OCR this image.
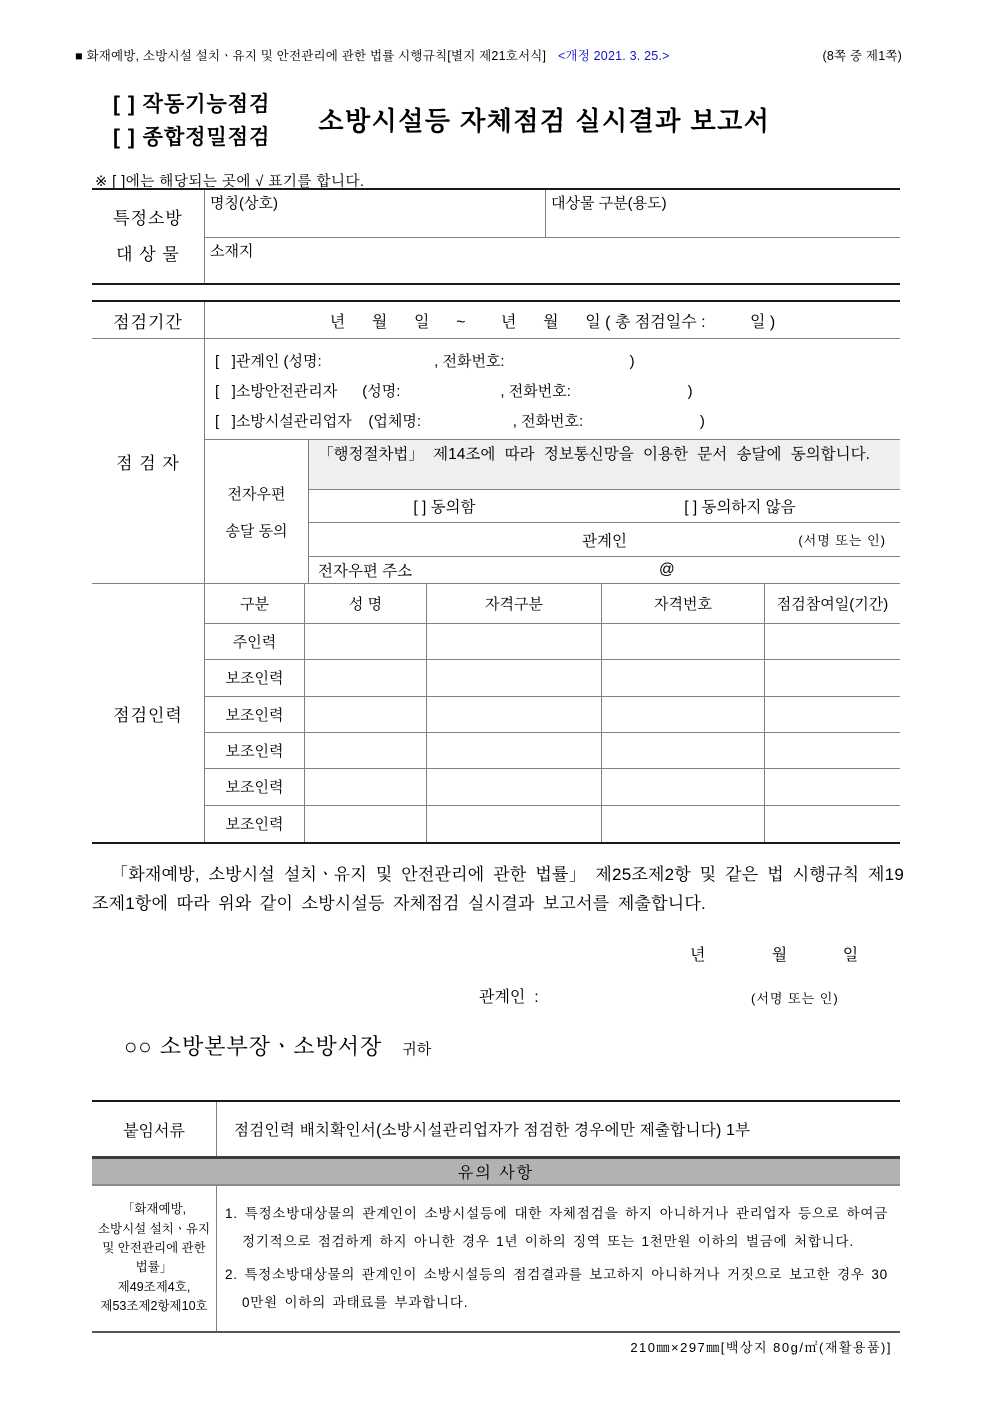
■ 화재예방, 소방시설 설치ㆍ유지 및 안전관리에 관한 법률 시행규칙[별지 제21호서식] <개정 2021. 3. 25.>	(8쪽 중 제1쪽)
[ ] 작동기능점검
[ ] 종합정밀점검
소방시설등 자체점검 실시결과 보고서
※ [ ]에는 해당되는 곳에 √ 표기를 합니다.
특정소방
대 상 물
명칭(상호)	대상물 구분(용도)
소재지
점검기간	년      월      일      ~        년      월      일 ( 총 점검일수 :          일 )
점 검 자
[   ]관계인 (성명:                           , 전화번호:                              )
[   ]소방안전관리자      (성명:                        , 전화번호:                            )
[   ]소방시설관리업자    (업체명:                      , 전화번호:                            )
전자우편
송달 동의
「행정절차법」 제14조에 따라 정보통신망을 이용한 문서 송달에 동의합니다.
[ ] 동의함	[ ] 동의하지 않음
관계인	(서명 또는 인)
전자우편 주소	@
점검인력
구분	성 명	자격구분	자격번호	점검참여일(기간)
주인력
보조인력
보조인력
보조인력
보조인력
보조인력
「화재예방, 소방시설 설치ㆍ유지 및 안전관리에 관한 법률」 제25조제2항 및 같은 법 시행규칙 제19조제1항에 따라 위와 같이 소방시설등 자체점검 실시결과 보고서를 제출합니다.
년            월          일
관계인  :	(서명 또는 인)
○○ 소방본부장ㆍ소방서장 귀하
붙임서류	점검인력 배치확인서(소방시설관리업자가 점검한 경우에만 제출합니다) 1부
유의 사항
「화재예방,
소방시설 설치ㆍ유지
및 안전관리에 관한
법률」
제49조제4호,
제53조제2항제10호
1. 특정소방대상물의 관계인이 소방시설등에 대한 자체점검을 하지 아니하거나 관리업자 등으로 하여금 정기적으로 점검하게 하지 아니한 경우 1년 이하의 징역 또는 1천만원 이하의 벌금에 처합니다.
2. 특정소방대상물의 관계인이 소방시설등의 점검결과를 보고하지 아니하거나 거짓으로 보고한 경우 300만원 이하의 과태료를 부과합니다.
210㎜×297㎜[백상지 80g/㎡(재활용품)]
